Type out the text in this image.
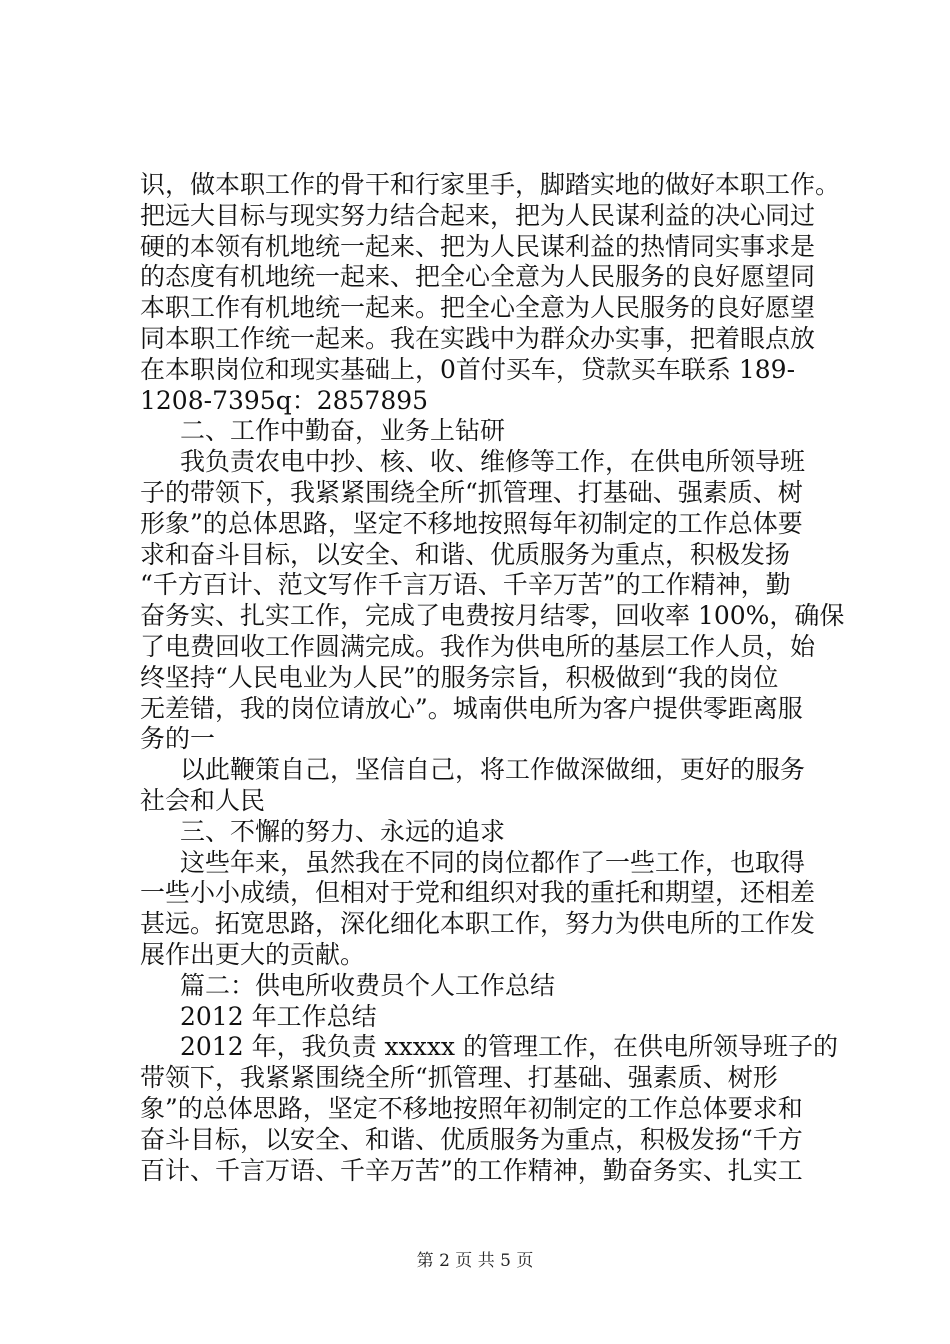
识，做本职工作的骨干和行家里手，脚踏实地的做好本职工作。
把远大目标与现实努力结合起来，把为人民谋利益的决心同过
硬的本领有机地统一起来、把为人民谋利益的热情同实事求是
的态度有机地统一起来、把全心全意为人民服务的良好愿望同
本职工作有机地统一起来。把全心全意为人民服务的良好愿望
同本职工作统一起来。我在实践中为群众办实事，把着眼点放
在本职岗位和现实基础上，0首付买车，贷款买车联系 189-
1208-7395q：2857895
二、工作中勤奋，业务上钻研
我负责农电中抄、核、收、维修等工作，在供电所领导班
子的带领下，我紧紧围绕全所“抓管理、打基础、强素质、树
形象”的总体思路，坚定不移地按照每年初制定的工作总体要
求和奋斗目标，以安全、和谐、优质服务为重点，积极发扬
“千方百计、范文写作千言万语、千辛万苦”的工作精神，勤
奋务实、扎实工作，完成了电费按月结零，回收率 100%，确保
了电费回收工作圆满完成。我作为供电所的基层工作人员，始
终坚持“人民电业为人民”的服务宗旨，积极做到“我的岗位
无差错，我的岗位请放心”。城南供电所为客户提供零距离服
务的一
以此鞭策自己，坚信自己，将工作做深做细，更好的服务
社会和人民
三、不懈的努力、永远的追求
这些年来，虽然我在不同的岗位都作了一些工作，也取得
一些小小成绩，但相对于党和组织对我的重托和期望，还相差
甚远。拓宽思路，深化细化本职工作，努力为供电所的工作发
展作出更大的贡献。
篇二：供电所收费员个人工作总结
2012 年工作总结
2012 年，我负责 xxxxx 的管理工作，在供电所领导班子的
带领下，我紧紧围绕全所“抓管理、打基础、强素质、树形
象”的总体思路，坚定不移地按照年初制定的工作总体要求和
奋斗目标，以安全、和谐、优质服务为重点，积极发扬“千方
百计、千言万语、千辛万苦”的工作精神，勤奋务实、扎实工
第 2 页 共 5 页
